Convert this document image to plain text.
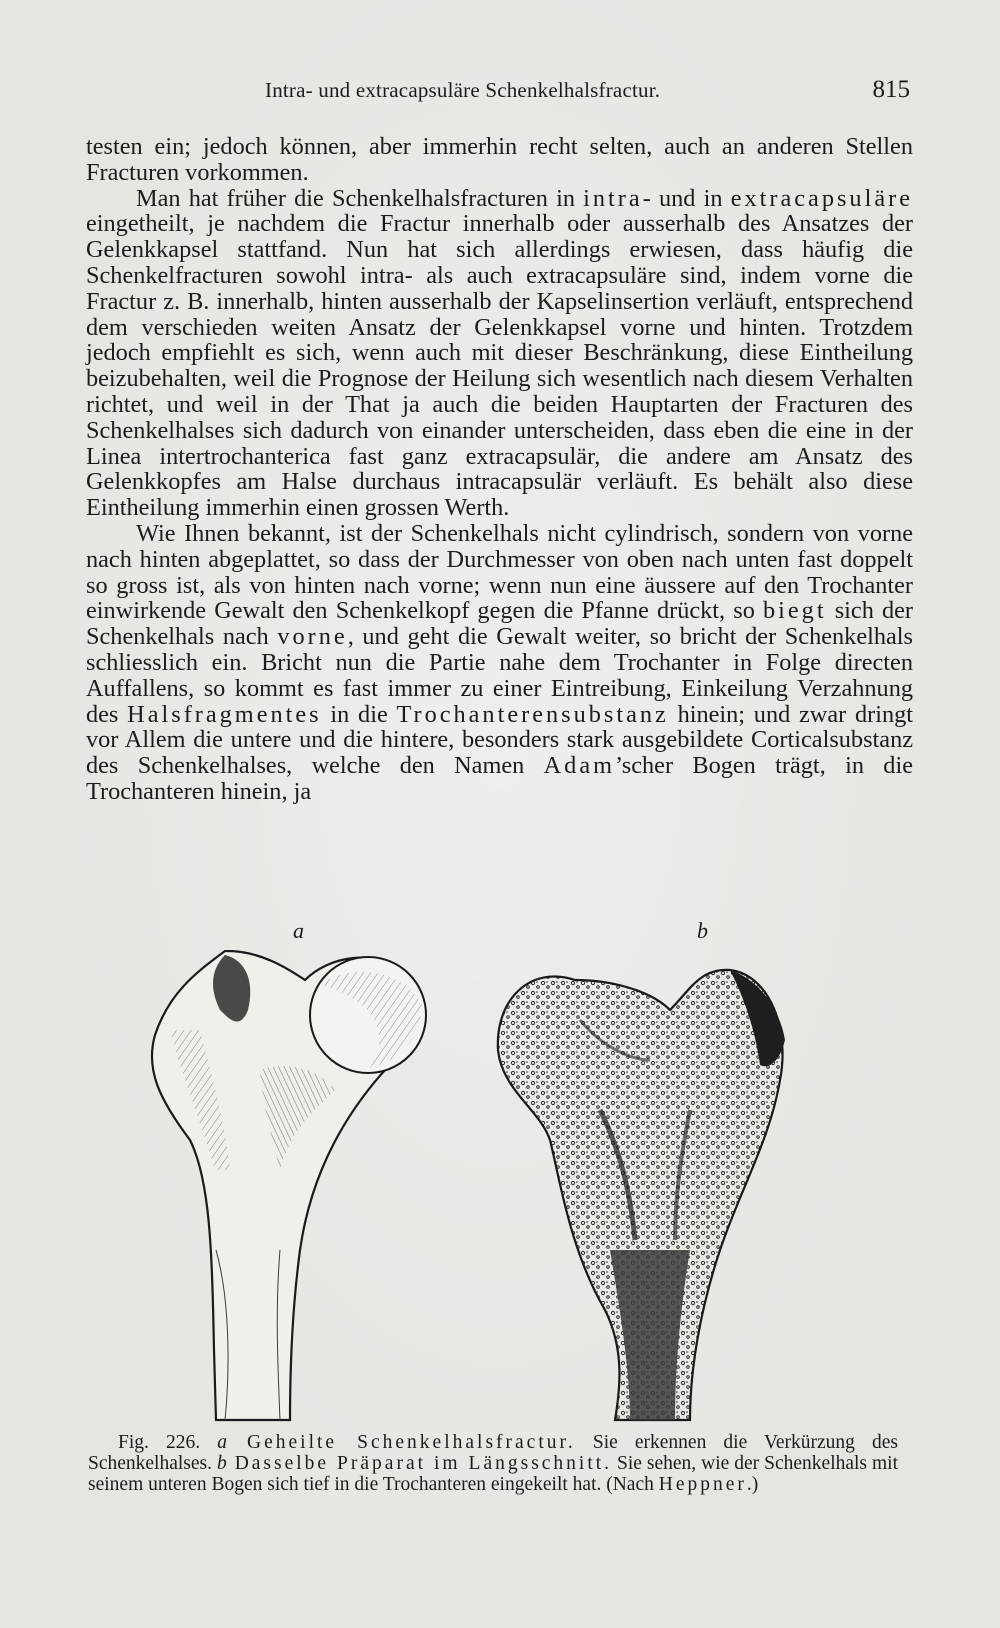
Intra- und extracapsuläre Schenkelhalsfractur.	815

testen ein; jedoch können, aber immerhin recht selten, auch an anderen Stellen Fracturen vorkommen.

Man hat früher die Schenkelhalsfracturen in intra- und in extracapsuläre eingetheilt, je nachdem die Fractur innerhalb oder ausserhalb des Ansatzes der Gelenkkapsel stattfand. Nun hat sich allerdings erwiesen, dass häufig die Schenkelfracturen sowohl intra- als auch extracapsuläre sind, indem vorne die Fractur z. B. innerhalb, hinten ausserhalb der Kapselinsertion verläuft, entsprechend dem verschieden weiten Ansatz der Gelenkkapsel vorne und hinten. Trotzdem jedoch empfiehlt es sich, wenn auch mit dieser Beschränkung, diese Eintheilung beizubehalten, weil die Prognose der Heilung sich wesentlich nach diesem Verhalten richtet, und weil in der That ja auch die beiden Hauptarten der Fracturen des Schenkelhalses sich dadurch von einander unterscheiden, dass eben die eine in der Linea intertrochanterica fast ganz extracapsulär, die andere am Ansatz des Gelenkkopfes am Halse durchaus intracapsulär verläuft. Es behält also diese Eintheilung immerhin einen grossen Werth.

Wie Ihnen bekannt, ist der Schenkelhals nicht cylindrisch, sondern von vorne nach hinten abgeplattet, so dass der Durchmesser von oben nach unten fast doppelt so gross ist, als von hinten nach vorne; wenn nun eine äussere auf den Trochanter einwirkende Gewalt den Schenkelkopf gegen die Pfanne drückt, so biegt sich der Schenkelhals nach vorne, und geht die Gewalt weiter, so bricht der Schenkelhals schliesslich ein. Bricht nun die Partie nahe dem Trochanter in Folge directen Auffallens, so kommt es fast immer zu einer Eintreibung, Einkeilung Verzahnung des Halsfragmentes in die Trochanterensubstanz hinein; und zwar dringt vor Allem die untere und die hintere, besonders stark ausgebildete Corticalsubstanz des Schenkelhalses, welche den Namen Adam’scher Bogen trägt, in die Trochanteren hinein, ja

a	b
Fig. 226. a Geheilte Schenkelhalsfractur. Sie erkennen die Verkürzung des Schenkelhalses. b Dasselbe Präparat im Längsschnitt. Sie sehen, wie der Schenkelhals mit seinem unteren Bogen sich tief in die Trochanteren eingekeilt hat. (Nach Heppner.)
